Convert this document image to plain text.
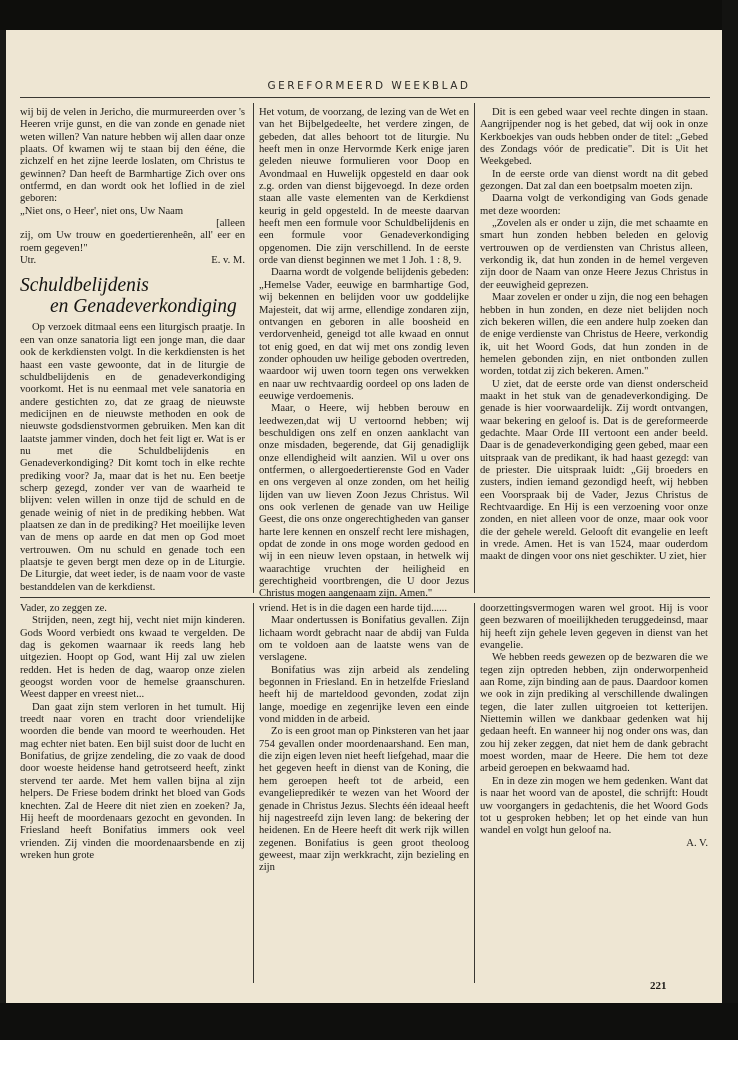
GEREFORMEERD WEEKBLAD

wij bij de velen in Jericho, die murmureerden over 's Heeren vrije gunst, en die van zonde en genade niet weten willen? Van nature hebben wij allen daar onze plaats. Of kwamen wij te staan bij den ééne, die zichzelf en het zijne leerde loslaten, om Christus te gewinnen? Dan heeft de Barmhartige Zich over ons ontfermd, en dan wordt ook het loflied in de ziel geboren:

„Niet ons, o Heer', niet ons, Uw Naam

[alleen

zij, om Uw trouw en goedertierenheên, all' eer en roem gegeven!"

Utr.	E. v. M.
Schuldbelijdenis
en Genadeverkondiging

Op verzoek ditmaal eens een liturgisch praatje. In een van onze sanatoria ligt een jonge man, die daar ook de kerkdiensten volgt. In die kerkdiensten is het haast een vaste gewoonte, dat in de liturgie de schuldbelijdenis en de genadeverkondiging voorkomt. Het is nu eenmaal met vele sanatoria en andere gestichten zo, dat ze graag de nieuwste medicijnen en de nieuwste methoden en ook de nieuwste godsdienstvormen gebruiken. Men kan dit laatste jammer vinden, doch het feit ligt er. Wat is er nu met die Schuldbelijdenis en Genadeverkondiging? Dit komt toch in elke rechte prediking voor? Ja, maar dat is het nu. Een beetje scherp gezegd, zonder ver van de waarheid te blijven: velen willen in onze tijd de schuld en de genade weinig of niet in de prediking hebben. Wat plaatsen ze dan in de prediking? Het moeilijke leven van de mens op aarde en dat men op God moet vertrouwen. Om nu schuld en genade toch een plaatsje te geven bergt men deze op in de Liturgie. De Liturgie, dat weet ieder, is de naam voor de vaste bestanddelen van de kerkdienst.

Het votum, de voorzang, de lezing van de Wet en van het Bijbelgedeelte, het verdere zingen, de gebeden, dat alles behoort tot de liturgie. Nu heeft men in onze Hervormde Kerk enige jaren geleden nieuwe formulieren voor Doop en Avondmaal en Huwelijk opgesteld en daar ook z.g. orden van dienst bijgevoegd. In deze orden staan alle vaste elementen van de Kerkdienst keurig in geld opgesteld. In de meeste daarvan heeft men een formule voor Schuldbelijdenis en een formule voor Genadeverkondiging opgenomen. Die zijn verschillend. In de eerste orde van dienst beginnen we met 1 Joh. 1 : 8, 9.

Daarna wordt de volgende belijdenis gebeden: „Hemelse Vader, eeuwige en barmhartige God, wij bekennen en belijden voor uw goddelijke Majesteit, dat wij arme, ellendige zondaren zijn, ontvangen en geboren in alle boosheid en verdorvenheid, geneigd tot alle kwaad en onnut tot enig goed, en dat wij met ons zondig leven zonder ophouden uw heilige geboden overtreden, waardoor wij uwen toorn tegen ons verwekken en naar uw rechtvaardig oordeel op ons laden de eeuwige verdoemenis.

Maar, o Heere, wij hebben berouw en leedwezen,dat wij U vertoornd hebben; wij beschuldigen ons zelf en onzen aanklacht van onze misdaden, begerende, dat Gij genadiglijk onze ellendigheid wilt aanzien. Wil u over ons ontfermen, o allergoedertierenste God en Vader en ons vergeven al onze zonden, om het heilig lijden van uw lieven Zoon Jezus Christus. Wil ons ook verlenen de genade van uw Heilige Geest, die ons onze ongerechtigheden van ganser harte lere kennen en onszelf recht lere mishagen, opdat de zonde in ons moge worden gedood en wij in een nieuw leven opstaan, in hetwelk wij waarachtige vruchten der heiligheid en gerechtigheid voortbrengen, die U door Jezus Christus mogen aangenaam zijn. Amen."

Dit is een gebed waar veel rechte dingen in staan. Aangrijpender nog is het gebed, dat wij ook in onze Kerkboekjes van ouds hebben onder de titel: „Gebed des Zondags vóór de predicatie". Dit is Uit het Weekgebed.

In de eerste orde van dienst wordt na dit gebed gezongen. Dat zal dan een boetpsalm moeten zijn.

Daarna volgt de verkondiging van Gods genade met deze woorden:

„Zovelen als er onder u zijn, die met schaamte en smart hun zonden hebben beleden en gelovig vertrouwen op de verdiensten van Christus alleen, verkondig ik, dat hun zonden in de hemel vergeven zijn door de Naam van onze Heere Jezus Christus in der eeuwigheid geprezen.

Maar zovelen er onder u zijn, die nog een behagen hebben in hun zonden, en deze niet belijden noch zich bekeren willen, die een andere hulp zoeken dan de enige verdienste van Christus de Heere, verkondig ik, uit het Woord Gods, dat hun zonden in de hemelen gebonden zijn, en niet ontbonden zullen worden, totdat zij zich bekeren. Amen."

U ziet, dat de eerste orde van dienst onderscheid maakt in het stuk van de genadeverkondiging. De genade is hier voorwaardelijk. Zij wordt ontvangen, waar bekering en geloof is. Dat is de gereformeerde gedachte. Maar Orde III vertoont een ander beeld. Daar is de genadeverkondiging geen gebed, maar een uitspraak van de predikant, ik had haast gezegd: van de priester. Die uitspraak luidt: „Gij broeders en zusters, indien iemand gezondigd heeft, wij hebben een Voorspraak bij de Vader, Jezus Christus de Rechtvaardige. En Hij is een verzoening voor onze zonden, en niet alleen voor de onze, maar ook voor die der gehele wereld. Gelooft dit evangelie en leeft in vrede. Amen. Het is van 1524, maar ouderdom maakt de dingen voor ons niet geschikter. U ziet, hier

Vader, zo zeggen ze.

Strijden, neen, zegt hij, vecht niet mijn kinderen. Gods Woord verbiedt ons kwaad te vergelden. De dag is gekomen waarnaar ik reeds lang heb uitgezien. Hoopt op God, want Hij zal uw zielen redden. Het is heden de dag, waarop onze zielen geoogst worden voor de hemelse graanschuren. Weest dapper en vreest niet...

Dan gaat zijn stem verloren in het tumult. Hij treedt naar voren en tracht door vriendelijke woorden die bende van moord te weerhouden. Het mag echter niet baten. Een bijl suist door de lucht en Bonifatius, de grijze zendeling, die zo vaak de dood door woeste heidense hand getrotseerd heeft, zinkt stervend ter aarde. Met hem vallen bijna al zijn helpers. De Friese bodem drinkt het bloed van Gods knechten. Zal de Heere dit niet zien en zoeken? Ja, Hij heeft de moordenaars gezocht en gevonden. In Friesland heeft Bonifatius immers ook veel vrienden. Zij vinden die moordenaarsbende en zij wreken hun grote

vriend. Het is in die dagen een harde tijd......

Maar ondertussen is Bonifatius gevallen. Zijn lichaam wordt gebracht naar de abdij van Fulda om te voldoen aan de laatste wens van de verslagene.

Bonifatius was zijn arbeid als zendeling begonnen in Friesland. En in hetzelfde Friesland heeft hij de marteldood gevonden, zodat zijn lange, moedige en zegenrijke leven een einde vond midden in de arbeid.

Zo is een groot man op Pinksteren van het jaar 754 gevallen onder moordenaarshand. Een man, die zijn eigen leven niet heeft liefgehad, maar die het gegeven heeft in dienst van de Koning, die hem geroepen heeft tot de arbeid, een evangeliepredikér te wezen van het Woord der genade in Christus Jezus. Slechts één ideaal heeft hij nagestreefd zijn leven lang: de bekering der heidenen. En de Heere heeft dit werk rijk willen zegenen. Bonifatius is geen groot theoloog geweest, maar zijn werkkracht, zijn bezieling en zijn

doorzettingsvermogen waren wel groot. Hij is voor geen bezwaren of moeilijkheden teruggedeinsd, maar hij heeft zijn gehele leven gegeven in dienst van het evangelie.

We hebben reeds gewezen op de bezwaren die we tegen zijn optreden hebben, zijn onderworpenheid aan Rome, zijn binding aan de paus. Daardoor komen we ook in zijn prediking al verschillende dwalingen tegen, die later zullen uitgroeien tot ketterijen. Niettemin willen we dankbaar gedenken wat hij gedaan heeft. En wanneer hij nog onder ons was, dan zou hij zeker zeggen, dat niet hem de dank gebracht moest worden, maar de Heere. Die hem tot deze arbeid geroepen en bekwaamd had.

En in deze zin mogen we hem gedenken. Want dat is naar het woord van de apostel, die schrijft: Houdt uw voorgangers in gedachtenis, die het Woord Gods tot u gesproken hebben; let op het einde van hun wandel en volgt hun geloof na.

A. V.

221
